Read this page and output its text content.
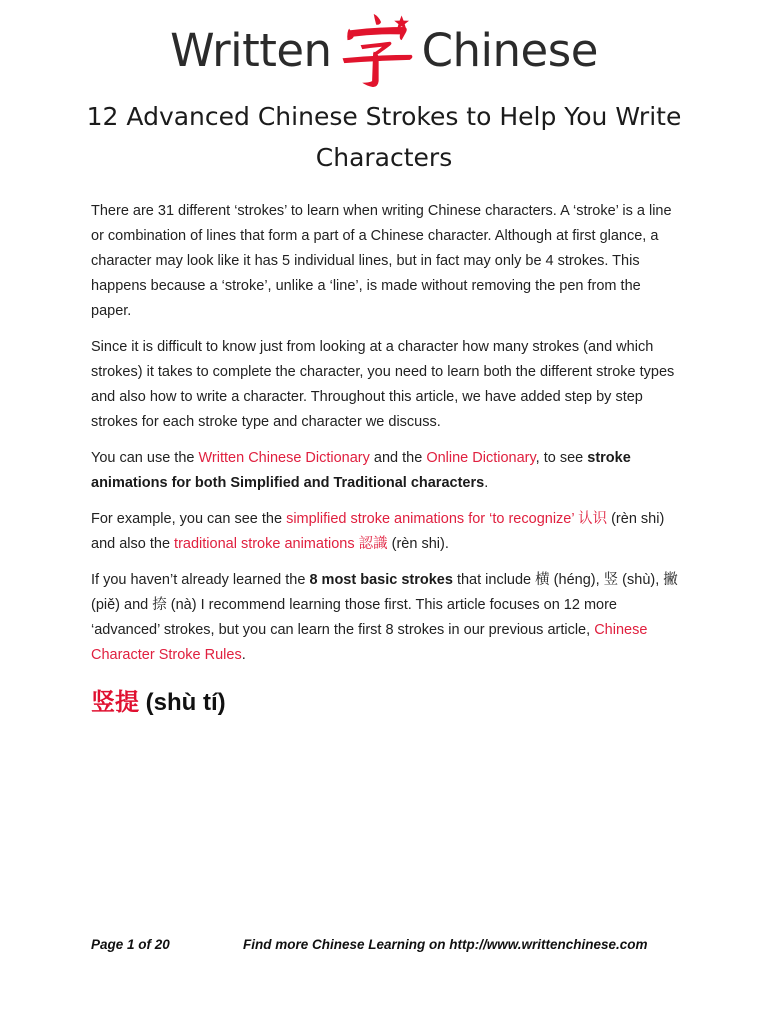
Written Chinese
12 Advanced Chinese Strokes to Help You Write Characters

There are 31 different ‘strokes’ to learn when writing Chinese characters. A ‘stroke’ is a line or combination of lines that form a part of a Chinese character. Although at first glance, a character may look like it has 5 individual lines, but in fact may only be 4 strokes. This happens because a ‘stroke’, unlike a ‘line’, is made without removing the pen from the paper.

Since it is difficult to know just from looking at a character how many strokes (and which strokes) it takes to complete the character, you need to learn both the different stroke types and also how to write a character. Throughout this article, we have added step by step strokes for each stroke type and character we discuss.

You can use the Written Chinese Dictionary and the Online Dictionary, to see stroke animations for both Simplified and Traditional characters.

For example, you can see the simplified stroke animations for ‘to recognize’ 认识 (rèn shi) and also the traditional stroke animations 認識 (rèn shi).

If you haven’t already learned the 8 most basic strokes that include 横 (héng), 竖 (shù), 撇 (piě) and 捺 (nà) I recommend learning those first. This article focuses on 12 more ‘advanced’ strokes, but you can learn the first 8 strokes in our previous article, Chinese Character Stroke Rules.

竖提 (shù tí)
Page 1 of 20	Find more Chinese Learning on http://www.writtenchinese.com
